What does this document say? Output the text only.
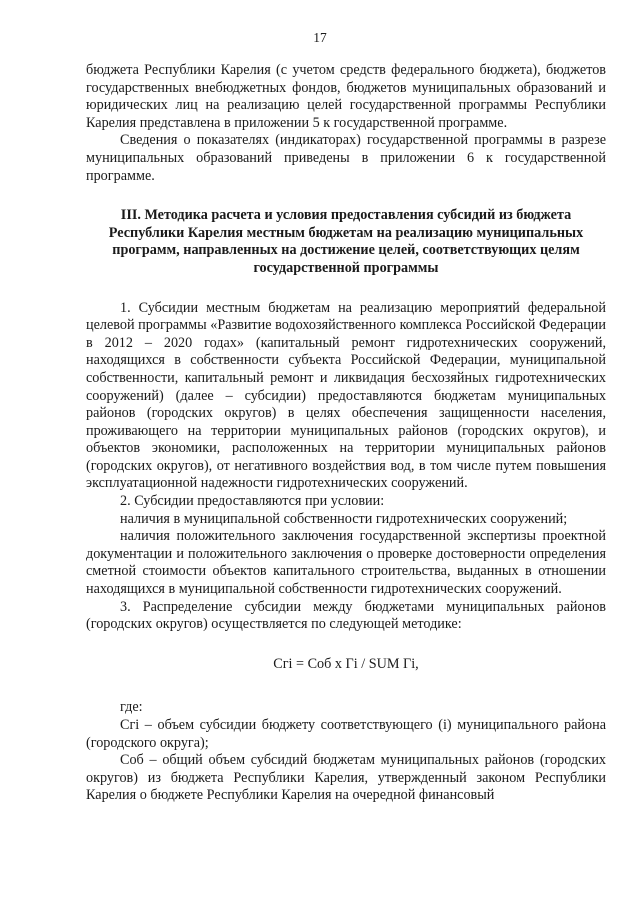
17

бюджета Республики Карелия (с учетом средств федерального бюджета), бюджетов государственных внебюджетных фондов, бюджетов муниципальных образований и юридических лиц на реализацию целей государственной программы Республики Карелия представлена в приложении 5 к государственной программе.

Сведения о показателях (индикаторах) государственной программы в разрезе муниципальных образований приведены в приложении 6 к государственной программе.

III. Методика расчета и условия предоставления субсидий из бюджета Республики Карелия местным бюджетам на реализацию муниципальных программ, направленных на достижение целей, соответствующих целям государственной программы

1. Субсидии местным бюджетам на реализацию мероприятий федеральной целевой программы «Развитие водохозяйственного комплекса Российской Федерации в 2012 – 2020 годах» (капитальный ремонт гидротехнических сооружений, находящихся в собственности субъекта Российской Федерации, муниципальной собственности, капитальный ремонт и ликвидация бесхозяйных гидротехнических сооружений) (далее – субсидии) предоставляются бюджетам муниципальных районов (городских округов) в целях обеспечения защищенности населения, проживающего на территории муниципальных районов (городских округов), и объектов экономики, расположенных на территории муниципальных районов (городских округов), от негативного воздействия вод, в том числе путем повышения эксплуатационной надежности гидротехнических сооружений.

2. Субсидии предоставляются при условии:

наличия в муниципальной собственности гидротехнических сооружений;

наличия положительного заключения государственной экспертизы проектной документации и положительного заключения о проверке достоверности определения сметной стоимости объектов капитального строительства, выданных в отношении находящихся в муниципальной собственности гидротехнических сооружений.

3. Распределение субсидии между бюджетами муниципальных районов (городских округов) осуществляется по следующей методике:

Сгi = Соб х Гi / SUM Гi,

где:

Сгi – объем субсидии бюджету соответствующего (i) муниципального района (городского округа);

Соб – общий объем субсидий бюджетам муниципальных районов (городских округов) из бюджета Республики Карелия, утвержденный законом Республики Карелия о бюджете Республики Карелия на очередной финансовый
